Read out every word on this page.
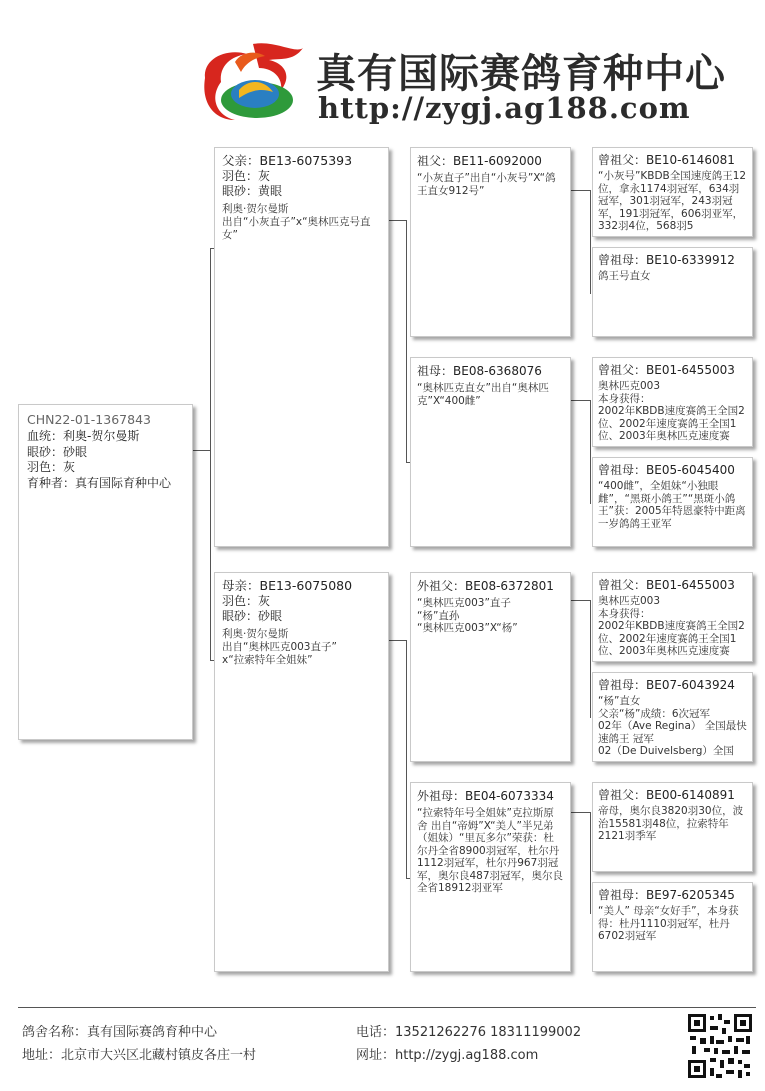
真有国际赛鸽育种中心
http://zygj.ag188.com
CHN22-01-1367843
血统：利奥-贺尔曼斯
眼砂：砂眼
羽色：灰
育种者：真有国际育种中心
父亲：BE13-6075393
羽色：灰
眼砂：黄眼
利奥·贺尔曼斯
出自“小灰直子”x“奥林匹克号直女”
母亲：BE13-6075080
羽色：灰
眼砂：砂眼
利奥·贺尔曼斯
出自“奥林匹克003直子”
x“拉索特年全姐妹”
祖父：BE11-6092000
“小灰直子”出自“小灰号”X“鸽王直女912号”
祖母：BE08-6368076
“奥林匹克直女”出自“奥林匹克”X“400雌”
外祖父：BE08-6372801
“奥林匹克003”直子
“杨”直孙
“奥林匹克003”X“杨”
外祖母：BE04-6073334
“拉索特年号全姐妹”克拉斯原舍 出自“帝姆”X“美人”半兄弟（姐妹）“里瓦多尔”荣获：杜尔丹全省8900羽冠军，杜尔丹1112羽冠军，杜尔丹967羽冠军，奥尔良487羽冠军，奥尔良全省18912羽亚军
曾祖父：BE10-6146081
“小灰号”KBDB全国速度鸽王12位，拿永1174羽冠军，634羽冠军，301羽冠军，243羽冠军，191羽冠军，606羽亚军，332羽4位，568羽5
曾祖母：BE10-6339912
鸽王号直女
曾祖父：BE01-6455003
奥林匹克003
本身获得：
2002年KBDB速度赛鸽王全国2位、2002年速度赛鸽王全国1位、2003年奥林匹克速度赛
曾祖母：BE05-6045400
“400雌”，全姐妹“小独眼雌”，“黑斑小鸽王”“黑斑小鸽王”获：2005年特恩豪特中距离一岁鸽鸽王亚军
曾祖父：BE01-6455003
奥林匹克003
本身获得：
2002年KBDB速度赛鸽王全国2位、2002年速度赛鸽王全国1位、2003年奥林匹克速度赛
曾祖母：BE07-6043924
“杨”直女
父亲“杨”成绩：6次冠军
02年（Ave Regina） 全国最快速鸽王 冠军
02（De Duivelsberg）全国
曾祖父：BE00-6140891
帝母，奥尔良3820羽30位，波治15581羽48位，拉索特年2121羽季军
曾祖母：BE97-6205345
“美人” 母亲“女好手”，本身获得：杜丹1110羽冠军，杜丹6702羽冠军
鸽舍名称：真有国际赛鸽育种中心
地址：北京市大兴区北藏村镇皮各庄一村
电话：13521262276 18311199002
网址：http://zygj.ag188.com
